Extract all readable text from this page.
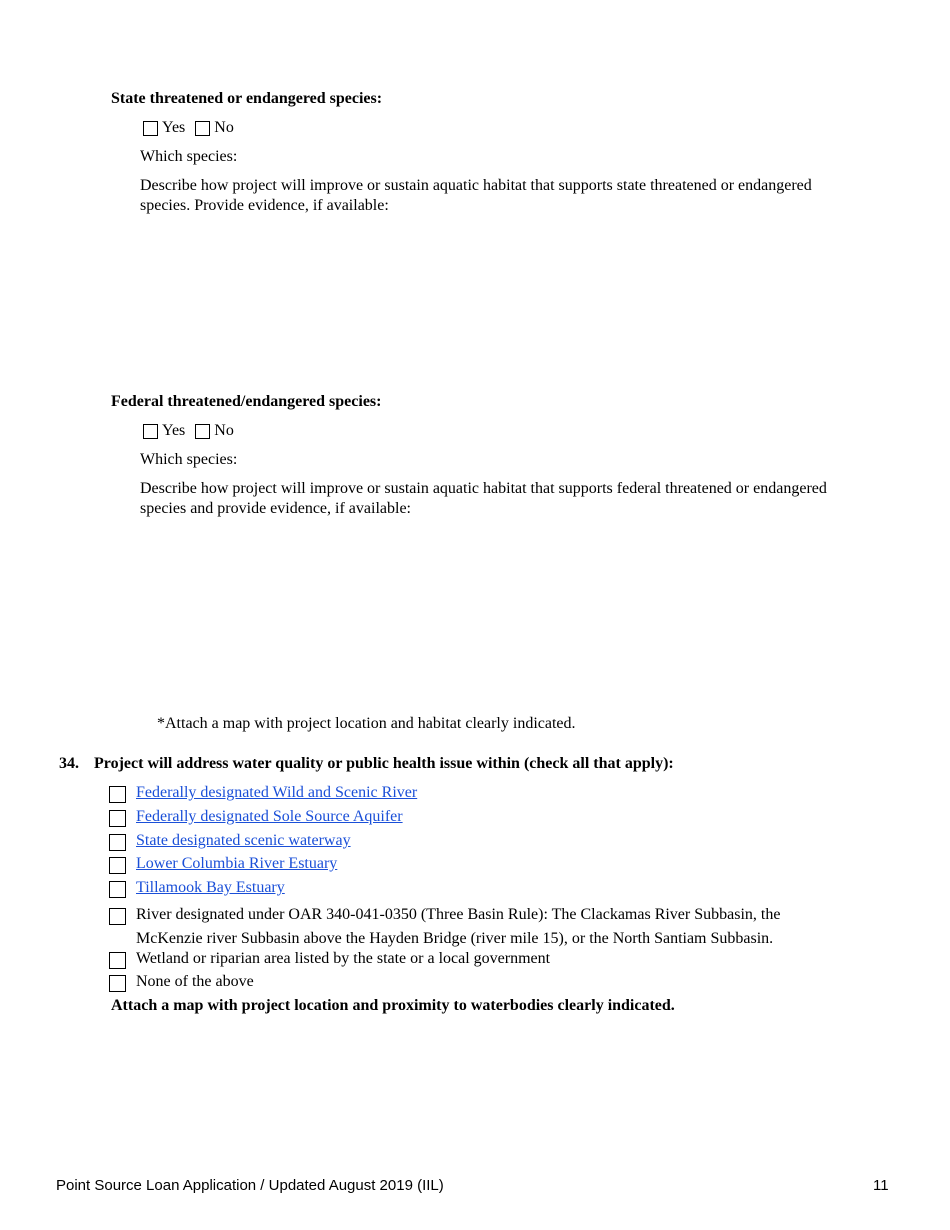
State threatened or endangered species:
Yes No
Which species:
Describe how project will improve or sustain aquatic habitat that supports state threatened or endangered
species. Provide evidence, if available:
Federal threatened/endangered species:
Yes No
Which species:
Describe how project will improve or sustain aquatic habitat that supports federal threatened or endangered
species and provide evidence, if available:
*Attach a map with project location and habitat clearly indicated.
34. Project will address water quality or public health issue within (check all that apply):
Federally designated Wild and Scenic River
Federally designated Sole Source Aquifer
State designated scenic waterway
Lower Columbia River Estuary
Tillamook Bay Estuary
River designated under OAR 340-041-0350 (Three Basin Rule): The Clackamas River Subbasin, the
McKenzie river Subbasin above the Hayden Bridge (river mile 15), or the North Santiam Subbasin.
Wetland or riparian area listed by the state or a local government
None of the above
Attach a map with project location and proximity to waterbodies clearly indicated.
Point Source Loan Application / Updated August 2019 (IIL)	11
